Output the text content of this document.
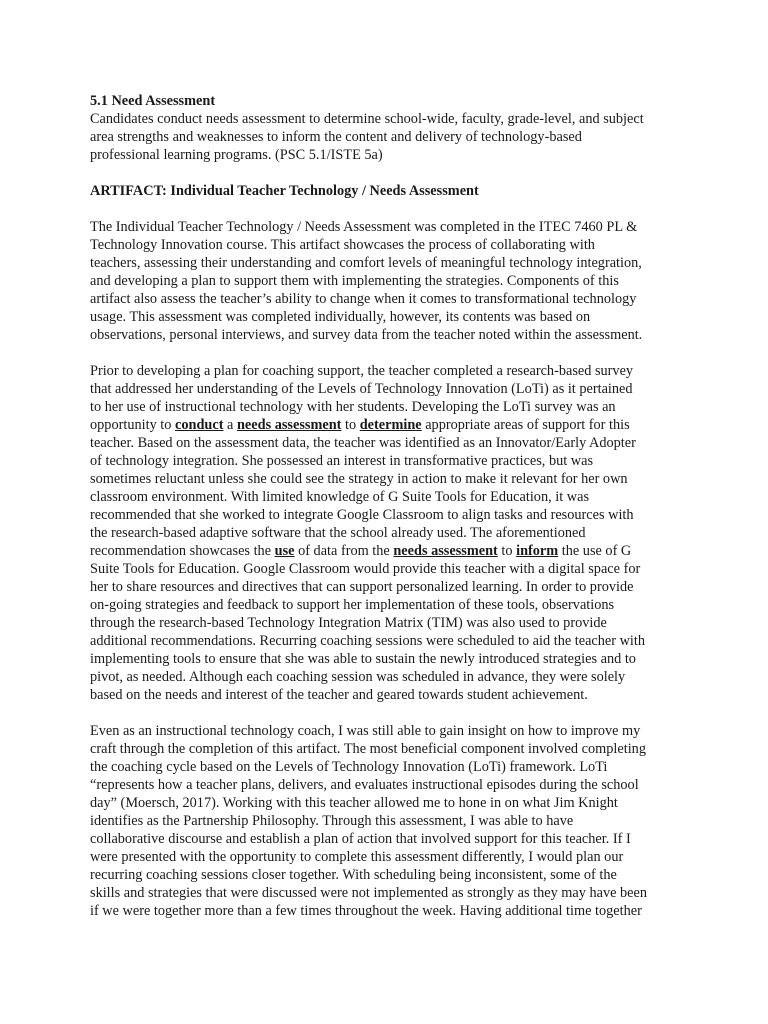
5.1 Need Assessment
Candidates conduct needs assessment to determine school-wide, faculty, grade-level, and subject
area strengths and weaknesses to inform the content and delivery of technology-based
professional learning programs. (PSC 5.1/ISTE 5a)
ARTIFACT: Individual Teacher Technology / Needs Assessment
The Individual Teacher Technology / Needs Assessment was completed in the ITEC 7460 PL &
Technology Innovation course. This artifact showcases the process of collaborating with
teachers, assessing their understanding and comfort levels of meaningful technology integration,
and developing a plan to support them with implementing the strategies. Components of this
artifact also assess the teacher’s ability to change when it comes to transformational technology
usage. This assessment was completed individually, however, its contents was based on
observations, personal interviews, and survey data from the teacher noted within the assessment.
Prior to developing a plan for coaching support, the teacher completed a research-based survey
that addressed her understanding of the Levels of Technology Innovation (LoTi) as it pertained
to her use of instructional technology with her students. Developing the LoTi survey was an
opportunity to conduct a needs assessment to determine appropriate areas of support for this
teacher. Based on the assessment data, the teacher was identified as an Innovator/Early Adopter
of technology integration. She possessed an interest in transformative practices, but was
sometimes reluctant unless she could see the strategy in action to make it relevant for her own
classroom environment. With limited knowledge of G Suite Tools for Education, it was
recommended that she worked to integrate Google Classroom to align tasks and resources with
the research-based adaptive software that the school already used. The aforementioned
recommendation showcases the use of data from the needs assessment to inform the use of G
Suite Tools for Education. Google Classroom would provide this teacher with a digital space for
her to share resources and directives that can support personalized learning. In order to provide
on-going strategies and feedback to support her implementation of these tools, observations
through the research-based Technology Integration Matrix (TIM) was also used to provide
additional recommendations. Recurring coaching sessions were scheduled to aid the teacher with
implementing tools to ensure that she was able to sustain the newly introduced strategies and to
pivot, as needed. Although each coaching session was scheduled in advance, they were solely
based on the needs and interest of the teacher and geared towards student achievement.
Even as an instructional technology coach, I was still able to gain insight on how to improve my
craft through the completion of this artifact. The most beneficial component involved completing
the coaching cycle based on the Levels of Technology Innovation (LoTi) framework. LoTi
“represents how a teacher plans, delivers, and evaluates instructional episodes during the school
day” (Moersch, 2017). Working with this teacher allowed me to hone in on what Jim Knight
identifies as the Partnership Philosophy. Through this assessment, I was able to have
collaborative discourse and establish a plan of action that involved support for this teacher. If I
were presented with the opportunity to complete this assessment differently, I would plan our
recurring coaching sessions closer together. With scheduling being inconsistent, some of the
skills and strategies that were discussed were not implemented as strongly as they may have been
if we were together more than a few times throughout the week. Having additional time together
